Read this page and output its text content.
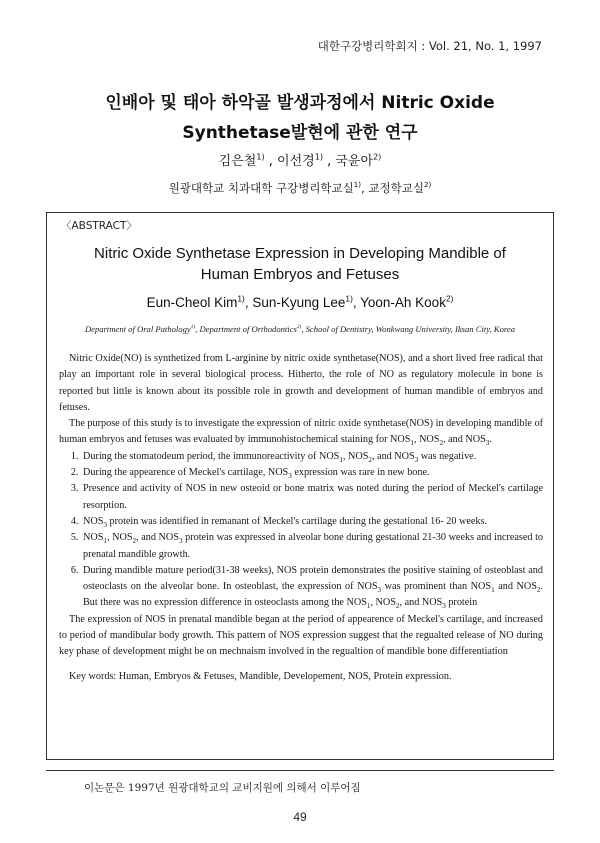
대한구강병리학회지 : Vol. 21, No. 1, 1997
인배아 및 태아 하악골 발생과정에서 Nitric Oxide
Synthetase발현에 관한 연구
김은철$^{1)}$ , 이선경$^{1)}$ , 국윤아$^{2)}$
원광대학교 치과대학 구강병리학교실$^{1)}$, 교정학교실$^{2)}$
〈ABSTRACT〉
Nitric Oxide Synthetase Expression in Developing Mandible of
Human Embryos and Fetuses
Eun-Cheol Kim$^{1)}$, Sun-Kyung Lee$^{1)}$, Yoon-Ah Kook$^{2)}$
Department of Oral Pathology$^{1)}$, Department of Orthodontics$^{2)}$, School of Dentistry, Wonkwang University, Iksan City, Korea

Nitric Oxide(NO) is synthetized from L-arginine by nitric oxide synthetase(NOS), and a short lived free radical that play an important role in several biological process. Hitherto, the role of NO as regulatory molecule in bone is reported but little is known about its possible role in growth and development of human mandible of embryos and fetuses.

The purpose of this study is to investigate the expression of nitric oxide synthetase(NOS) in developing mandible of human embryos and fetuses was evaluated by immunohistochemical staining for $NOS_1$, $NOS_2$, and $NOS_3$.

1. During the stomatodeum period, the immunoreactivity of $NOS_1$, $NOS_2$, and $NOS_3$ was negative.
2. During the appearence of Meckel's cartilage, $NOS_3$ expression was rare in new bone.
3. Presence and activity of NOS in new osteoid or bone matrix was noted during the period of Meckel's cartilage resorption.
4. $NOS_3$ protein was identified in remanant of Meckel's cartilage during the gestational 16- 20 weeks.
5. $NOS_1$, $NOS_2$, and $NOS_3$ protein was expressed in alveolar bone during gestational 21-30 weeks and increased to prenatal mandible growth.
6. During mandible mature period(31-38 weeks), NOS protein demonstrates the positive staining of osteoblast and osteoclasts on the alveolar bone. In osteoblast, the expression of $NOS_3$ was prominent than $NOS_1$ and $NOS_2$. But there was no expression difference in osteoclasts among the $NOS_1$, $NOS_2$, and $NOS_3$ protein

The expression of NOS in prenatal mandible began at the period of appearence of Meckel's cartilage, and increased to period of mandibular body growth. This pattern of NOS expression suggest that the regualted release of NO during key phase of development might be on mechnaism involved in the regualtion of mandible bone differentiation

Key words: Human, Embryos & Fetuses, Mandible, Developement, NOS, Protein expression.

이논문은 1997년 원광대학교의 교비지원에 의해서 이루어짐
49
